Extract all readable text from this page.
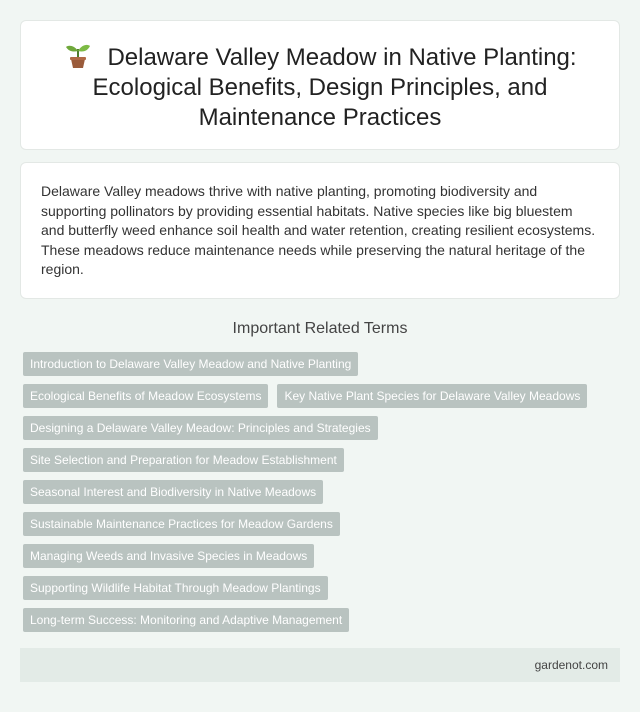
Delaware Valley Meadow in Native Planting: Ecological Benefits, Design Principles, and Maintenance Practices

Delaware Valley meadows thrive with native planting, promoting biodiversity and supporting pollinators by providing essential habitats. Native species like big bluestem and butterfly weed enhance soil health and water retention, creating resilient ecosystems. These meadows reduce maintenance needs while preserving the natural heritage of the region.

Important Related Terms
Introduction to Delaware Valley Meadow and Native Planting
Ecological Benefits of Meadow Ecosystems	Key Native Plant Species for Delaware Valley Meadows
Designing a Delaware Valley Meadow: Principles and Strategies
Site Selection and Preparation for Meadow Establishment
Seasonal Interest and Biodiversity in Native Meadows
Sustainable Maintenance Practices for Meadow Gardens
Managing Weeds and Invasive Species in Meadows
Supporting Wildlife Habitat Through Meadow Plantings
Long-term Success: Monitoring and Adaptive Management
gardenot.com
